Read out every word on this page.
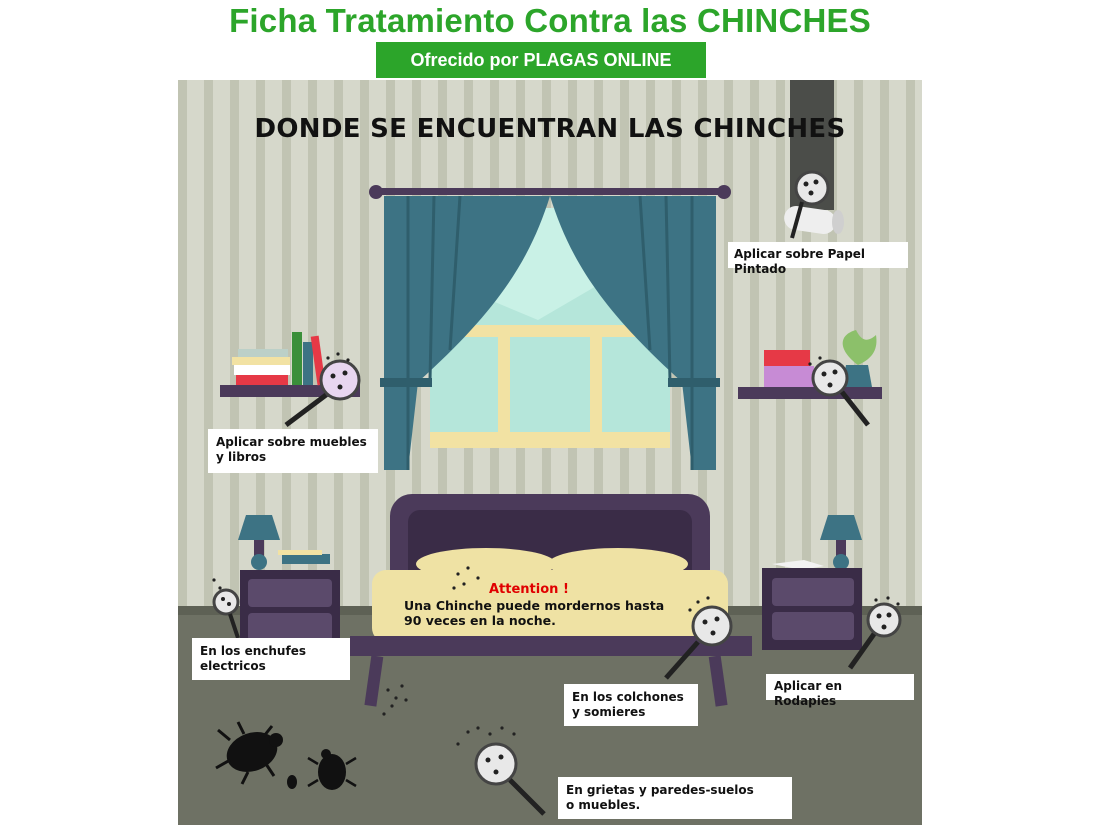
Ficha Tratamiento Contra las CHINCHES
Ofrecido por PLAGAS ONLINE
DONDE SE ENCUENTRAN LAS CHINCHES
Aplicar sobre Papel Pintado
Aplicar sobre muebles
y libros
En los enchufes
electricos
En los colchones
y somieres
Aplicar en Rodapies
En grietas y paredes-suelos
o muebles.
Attention !
Una Chinche puede mordernos hasta
90 veces en la noche.
